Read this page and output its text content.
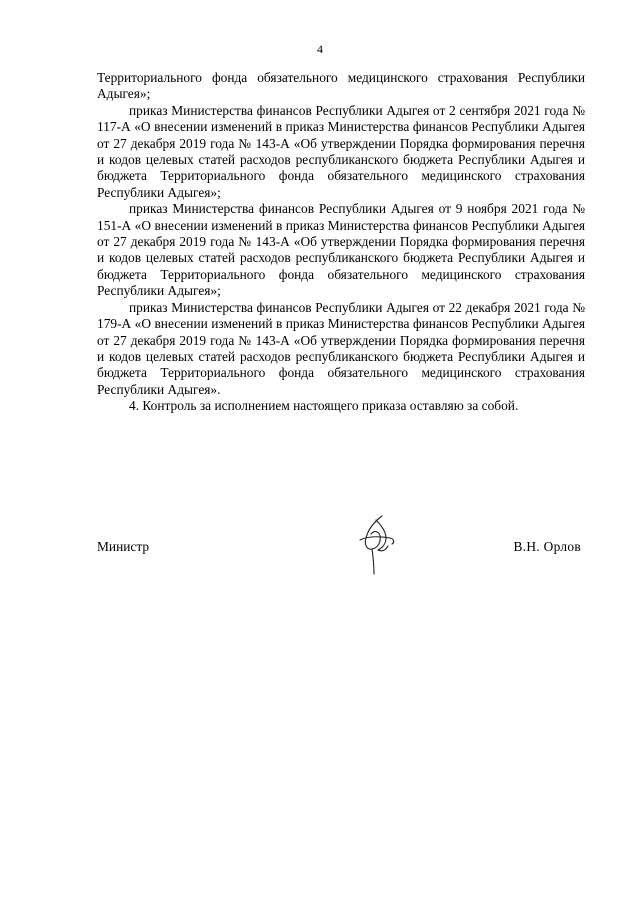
4

Территориального фонда обязательного медицинского страхования Республики Адыгея»;

приказ Министерства финансов Республики Адыгея от 2 сентября 2021 года № 117-А «О внесении изменений в приказ Министерства финансов Республики Адыгея от 27 декабря 2019 года № 143-А «Об утверждении Порядка формирования перечня и кодов целевых статей расходов республиканского бюджета Республики Адыгея и бюджета Территориального фонда обязательного медицинского страхования Республики Адыгея»;

приказ Министерства финансов Республики Адыгея от 9 ноября 2021 года № 151-А «О внесении изменений в приказ Министерства финансов Республики Адыгея от 27 декабря 2019 года № 143-А «Об утверждении Порядка формирования перечня и кодов целевых статей расходов республиканского бюджета Республики Адыгея и бюджета Территориального фонда обязательного медицинского страхования Республики Адыгея»;

приказ Министерства финансов Республики Адыгея от 22 декабря 2021 года № 179-А «О внесении изменений в приказ Министерства финансов Республики Адыгея от 27 декабря 2019 года № 143-А «Об утверждении Порядка формирования перечня и кодов целевых статей расходов республиканского бюджета Республики Адыгея и бюджета Территориального фонда обязательного медицинского страхования Республики Адыгея».

4. Контроль за исполнением настоящего приказа оставляю за собой.

Министр	В.Н. Орлов
